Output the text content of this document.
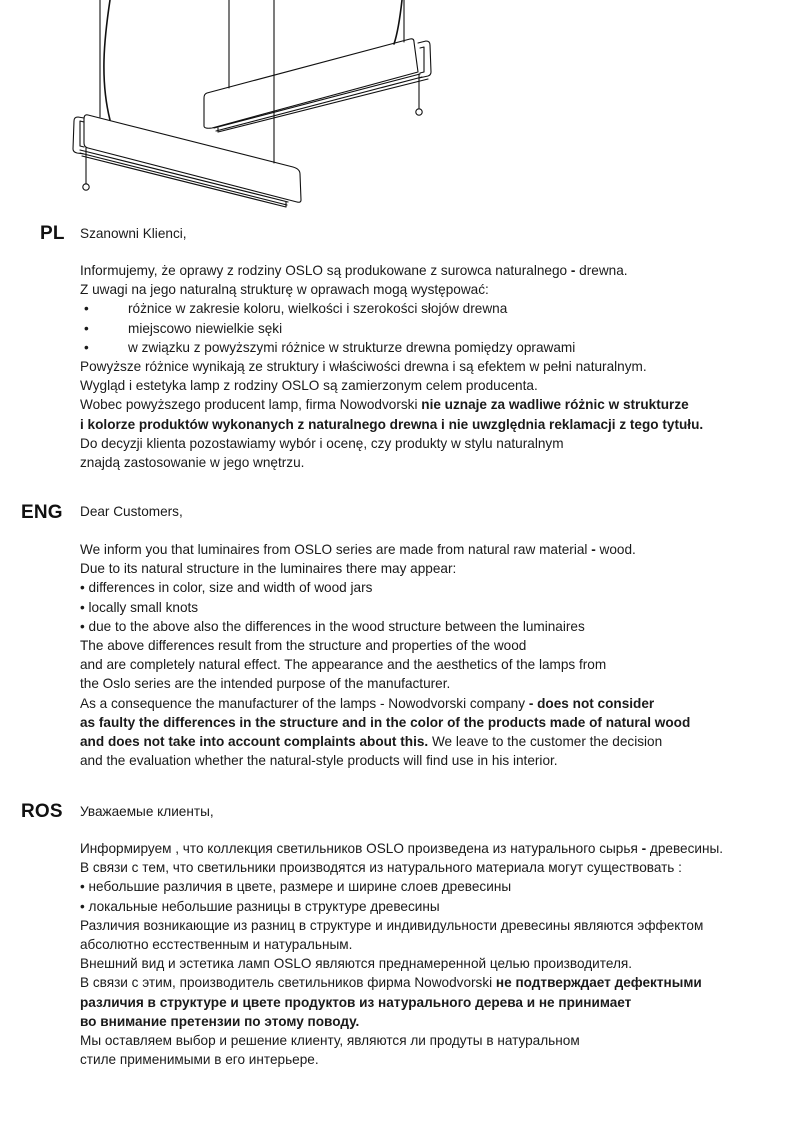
PL Szanowni Klienci,
Informujemy, że oprawy z rodziny OSLO są produkowane z surowca naturalnego - drewna.
Z uwagi na jego naturalną strukturę w oprawach mogą występować:
•	różnice w zakresie koloru, wielkości i szerokości słojów drewna
•	miejscowo niewielkie sęki
•	w związku z powyższymi różnice w strukturze drewna pomiędzy oprawami
Powyższe różnice wynikają ze struktury i właściwości drewna i są efektem w pełni naturalnym.
Wygląd i estetyka lamp z rodziny OSLO są zamierzonym celem producenta.
Wobec powyższego producent lamp, firma Nowodvorski nie uznaje za wadliwe różnic w strukturze
i kolorze produktów wykonanych z naturalnego drewna i nie uwzględnia reklamacji z tego tytułu.
Do decyzji klienta pozostawiamy wybór i ocenę, czy produkty w stylu naturalnym
znajdą zastosowanie w jego wnętrzu.
ENG Dear Customers,
We inform you that luminaires from OSLO series are made from natural raw material - wood.
Due to its natural structure in the luminaires there may appear:
• differences in color, size and width of wood jars
• locally small knots
• due to the above also the differences in the wood structure between the luminaires
The above differences result from the structure and properties of the wood
and are completely natural effect. The appearance and the aesthetics of the lamps from
the Oslo series are the intended purpose of the manufacturer.
As a consequence the manufacturer of the lamps - Nowodvorski company - does not consider
as faulty the differences in the structure and in the color of the products made of natural wood
and does not take into account complaints about this. We leave to the customer the decision
and the evaluation whether the natural-style products will find use in his interior.
ROS Уважаемые клиенты,
Информируем , что коллекция светильников OSLO произведена из натурального сырья - древесины.
В связи с тем, что светильники производятся из натурального материала могут существовать :
• небольшие различия в цвете, размере и ширине слоев древесины
• локальные небольшие разницы в структуре древесины
Различия возникающие из разниц в структуре и индивидульности древесины являются эффектом
абсолютно есстественным и натуральным.
Внешний вид и эстетика ламп OSLO являются преднамеренной целью производителя.
В связи с этим, производитель светильников фирма Nowodvorski не подтверждает дефектными
различия в структуре и цвете продуктов из натурального дерева и не принимает
во внимание претензии по этому поводу.
Мы оставляем выбор и решение клиенту, являются ли продуты в натуральном
стиле применимыми в его интерьере.
